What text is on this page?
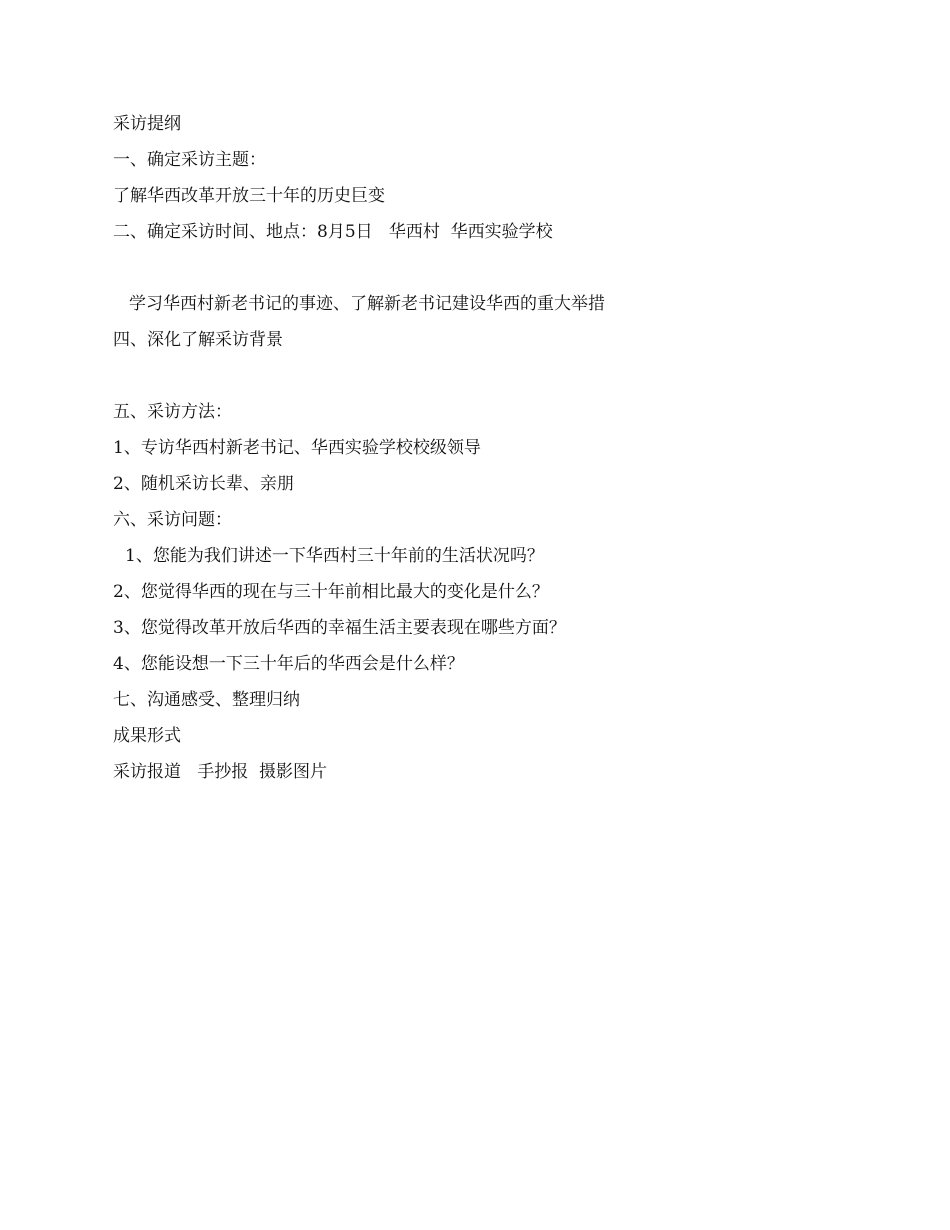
采访提纲
一、确定采访主题：
了解华西改革开放三十年的历史巨变
二、确定采访时间、地点：8月5日   华西村  华西实验学校
学习华西村新老书记的事迹、了解新老书记建设华西的重大举措
四、深化了解采访背景
五、采访方法：
1、专访华西村新老书记、华西实验学校校级领导
2、随机采访长辈、亲朋
六、采访问题：
1、您能为我们讲述一下华西村三十年前的生活状况吗？
2、您觉得华西的现在与三十年前相比最大的变化是什么？
3、您觉得改革开放后华西的幸福生活主要表现在哪些方面？
4、您能设想一下三十年后的华西会是什么样？
七、沟通感受、整理归纳
成果形式
采访报道   手抄报  摄影图片
